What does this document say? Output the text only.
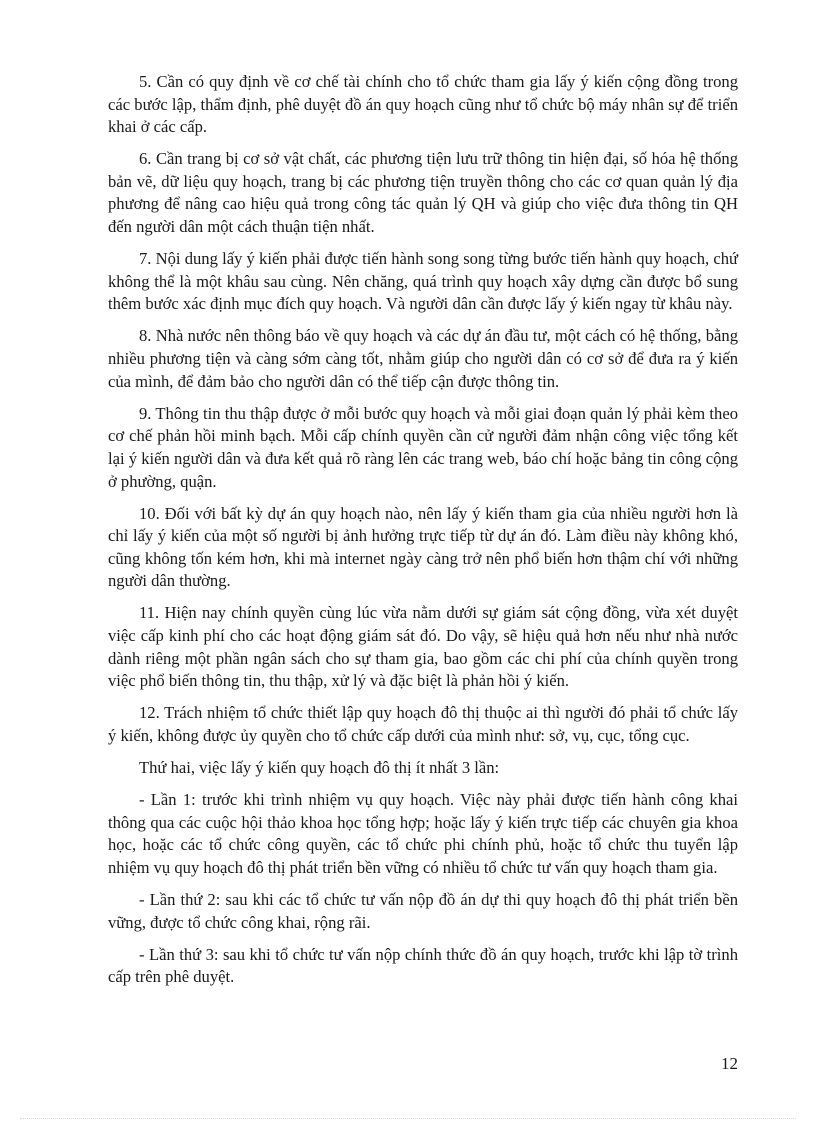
5. Cần có quy định về cơ chế tài chính cho tổ chức tham gia lấy ý kiến cộng đồng trong các bước lập, thẩm định, phê duyệt đồ án quy hoạch cũng như tổ chức bộ máy nhân sự để triển khai ở các cấp.

6. Cần trang bị cơ sở vật chất, các phương tiện lưu trữ thông tin hiện đại, số hóa hệ thống bản vẽ, dữ liệu quy hoạch, trang bị các phương tiện truyền thông cho các cơ quan quản lý địa phương để nâng cao hiệu quả trong công tác quản lý QH và giúp cho việc đưa thông tin QH đến người dân một cách thuận tiện nhất.

7. Nội dung lấy ý kiến phải được tiến hành song song từng bước tiến hành quy hoạch, chứ không thể là một khâu sau cùng. Nên chăng, quá trình quy hoạch xây dựng cần được bổ sung thêm bước xác định mục đích quy hoạch. Và người dân cần được lấy ý kiến ngay từ khâu này.

8. Nhà nước nên thông báo về quy hoạch và các dự án đầu tư, một cách có hệ thống, bằng nhiều phương tiện và càng sớm càng tốt, nhằm giúp cho người dân có cơ sở để đưa ra ý kiến của mình, để đảm bảo cho người dân có thể tiếp cận được thông tin.

9. Thông tin thu thập được ở mỗi bước quy hoạch và mỗi giai đoạn quản lý phải kèm theo cơ chế phản hồi minh bạch. Mỗi cấp chính quyền cần cử người đảm nhận công việc tổng kết lại ý kiến người dân và đưa kết quả rõ ràng lên các trang web, báo chí hoặc bảng tin công cộng ở phường, quận.

10. Đối với bất kỳ dự án quy hoạch nào, nên lấy ý kiến tham gia của nhiều người hơn là chỉ lấy ý kiến của một số người bị ảnh hưởng trực tiếp từ dự án đó. Làm điều này không khó, cũng không tốn kém hơn, khi mà internet ngày càng trở nên phổ biến hơn thậm chí với những người dân thường.

11. Hiện nay chính quyền cùng lúc vừa nằm dưới sự giám sát cộng đồng, vừa xét duyệt việc cấp kinh phí cho các hoạt động giám sát đó. Do vậy, sẽ hiệu quả hơn nếu như nhà nước dành riêng một phần ngân sách cho sự tham gia, bao gồm các chi phí của chính quyền trong việc phổ biến thông tin, thu thập, xử lý và đặc biệt là phản hồi ý kiến.

12. Trách nhiệm tổ chức thiết lập quy hoạch đô thị thuộc ai thì người đó phải tổ chức lấy ý kiến, không được ủy quyền cho tổ chức cấp dưới của mình như: sở, vụ, cục, tổng cục.

Thứ hai, việc lấy ý kiến quy hoạch đô thị ít nhất 3 lần:

- Lần 1: trước khi trình nhiệm vụ quy hoạch. Việc này phải được tiến hành công khai thông qua các cuộc hội thảo khoa học tổng hợp; hoặc lấy ý kiến trực tiếp các chuyên gia khoa học, hoặc các tổ chức công quyền, các tổ chức phi chính phủ, hoặc tổ chức thu tuyển lập nhiệm vụ quy hoạch đô thị phát triển bền vững có nhiều tổ chức tư vấn quy hoạch tham gia.

- Lần thứ 2: sau khi các tổ chức tư vấn nộp đồ án dự thi quy hoạch đô thị phát triển bền vững, được tổ chức công khai, rộng rãi.

- Lần thứ 3: sau khi tổ chức tư vấn nộp chính thức đồ án quy hoạch, trước khi lập tờ trình cấp trên phê duyệt.

12
